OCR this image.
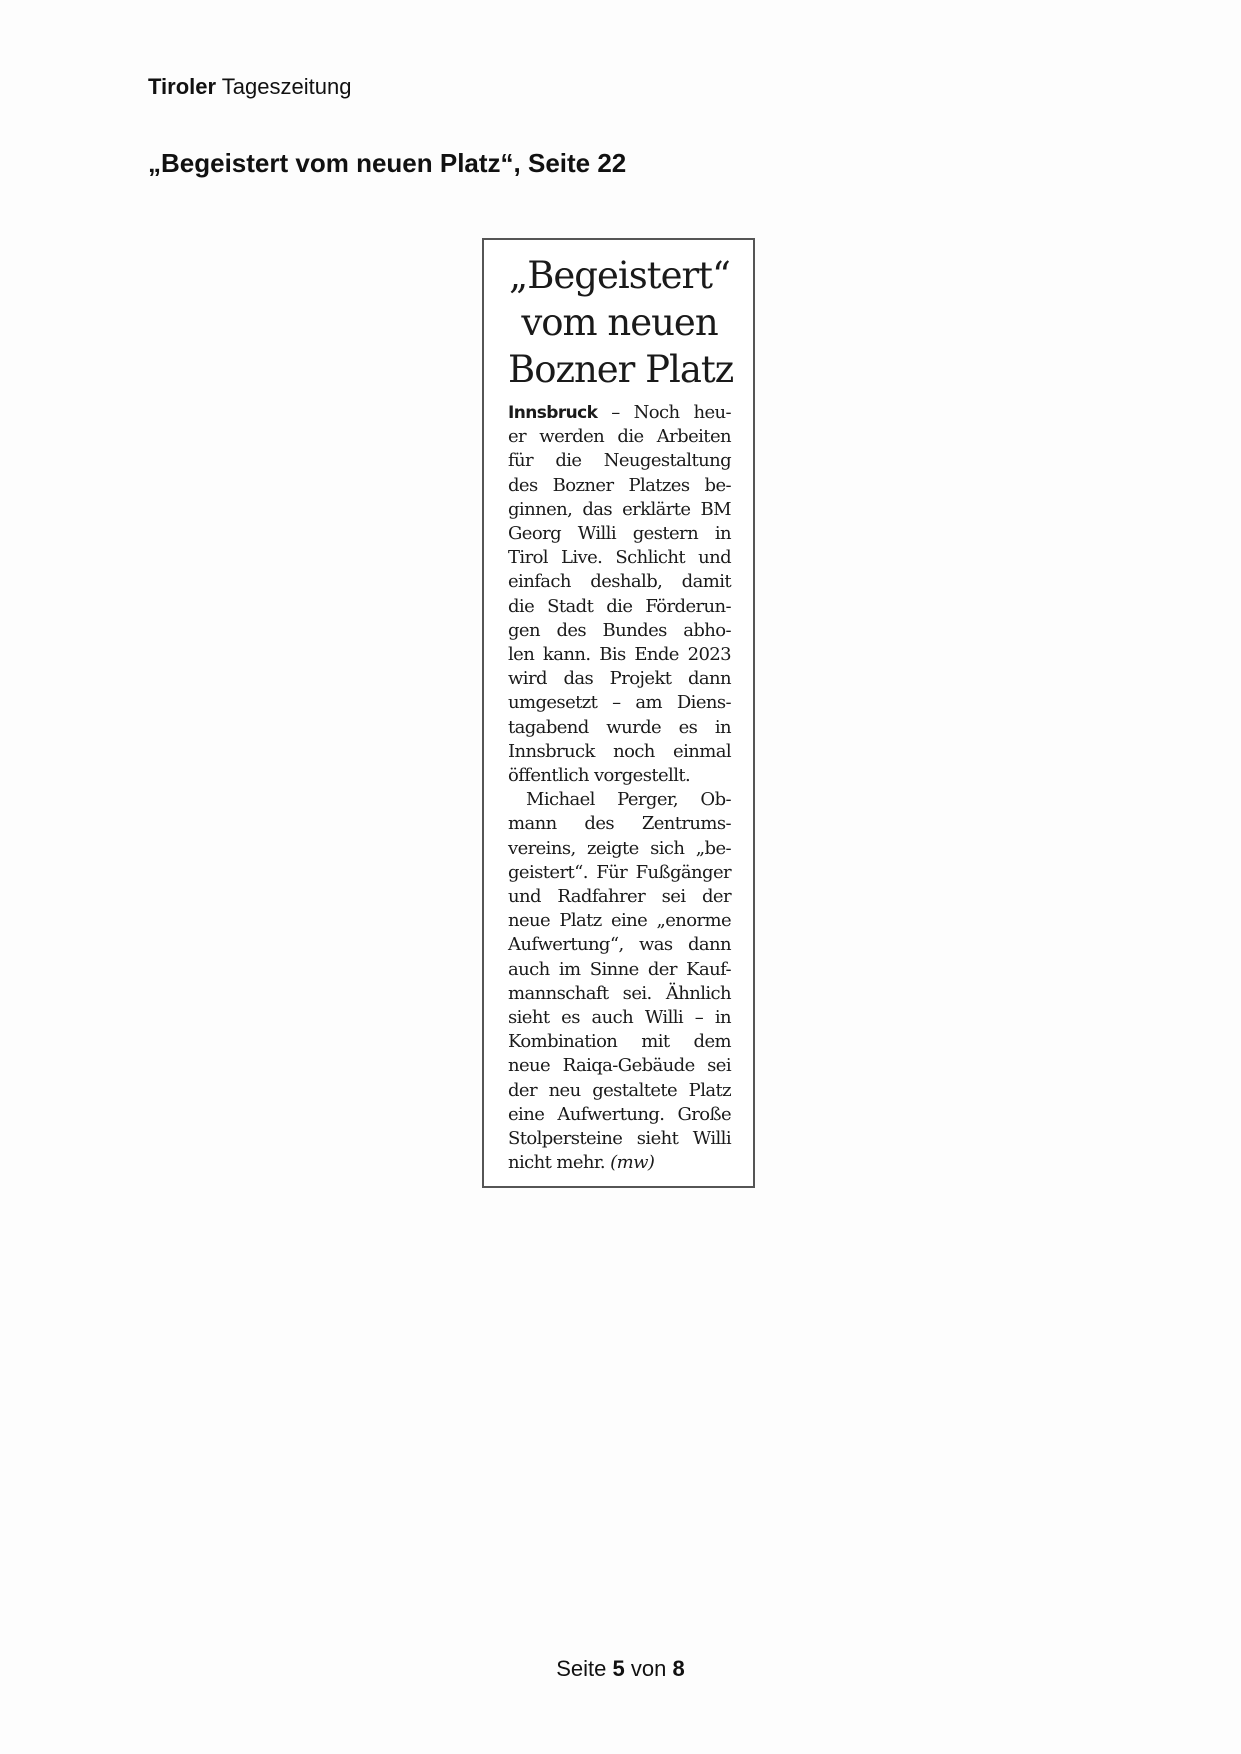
Tiroler Tageszeitung
„Begeistert vom neuen Platz“, Seite 22
„Begeistert“
vom neuen
Bozner Platz
Innsbruck – Noch heu-
er werden die Arbeiten
für die Neugestaltung
des Bozner Platzes be-
ginnen, das erklärte BM
Georg Willi gestern in
Tirol Live. Schlicht und
einfach deshalb, damit
die Stadt die Förderun-
gen des Bundes abho-
len kann. Bis Ende 2023
wird das Projekt dann
umgesetzt – am Diens-
tagabend wurde es in
Innsbruck noch einmal
öffentlich vorgestellt.
Michael Perger, Ob-
mann des Zentrums-
vereins, zeigte sich „be-
geistert“. Für Fußgänger
und Radfahrer sei der
neue Platz eine „enorme
Aufwertung“, was dann
auch im Sinne der Kauf-
mannschaft sei. Ähnlich
sieht es auch Willi – in
Kombination mit dem
neue Raiqa-Gebäude sei
der neu gestaltete Platz
eine Aufwertung. Große
Stolpersteine sieht Willi
nicht mehr. (mw)
Seite 5 von 8
